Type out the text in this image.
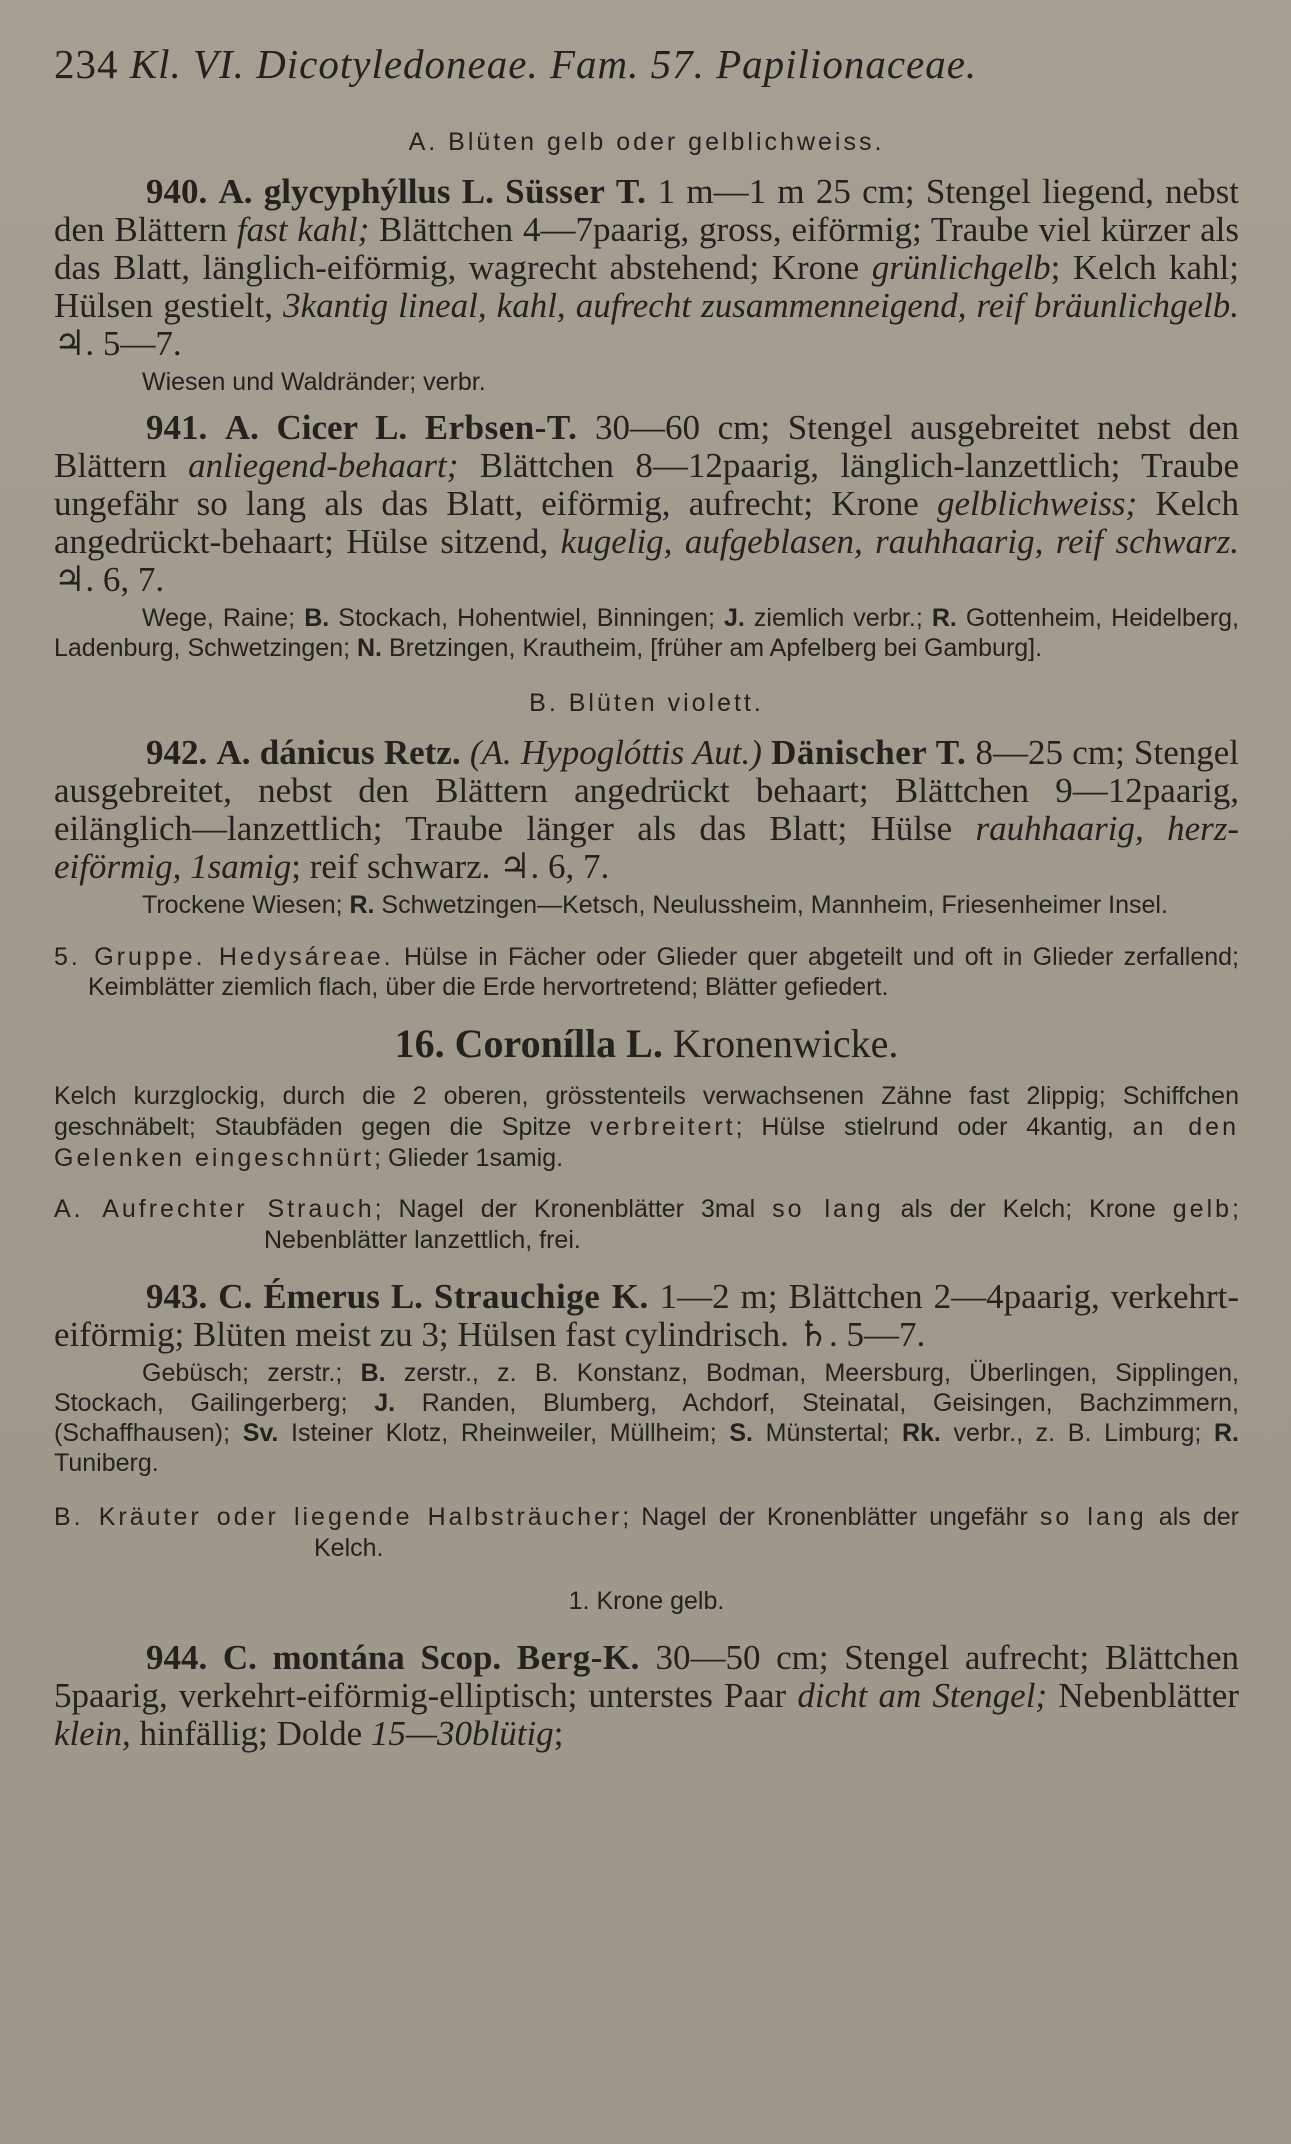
234 Kl. VI. Dicotyledoneae. Fam. 57. Papilionaceae.
A. Blüten gelb oder gelblichweiss.

940. A. glycyphýllus L. Süsser T. 1 m—1 m 25 cm; Stengel liegend, nebst den Blättern fast kahl; Blättchen 4—7paarig, gross, eiförmig; Traube viel kürzer als das Blatt, länglich-eiförmig, wagrecht abstehend; Krone grünlichgelb; Kelch kahl; Hülsen gestielt, 3kantig lineal, kahl, aufrecht zusammenneigend, reif bräunlichgelb. ♃. 5—7.

Wiesen und Waldränder; verbr.

941. A. Cicer L. Erbsen-T. 30—60 cm; Stengel ausgebreitet nebst den Blättern anliegend-behaart; Blättchen 8—12paarig, länglich-lanzettlich; Traube ungefähr so lang als das Blatt, eiförmig, aufrecht; Krone gelblichweiss; Kelch angedrückt-behaart; Hülse sitzend, kugelig, aufgeblasen, rauhhaarig, reif schwarz. ♃. 6, 7.

Wege, Raine; B. Stockach, Hohentwiel, Binningen; J. ziemlich verbr.; R. Gottenheim, Heidelberg, Ladenburg, Schwetzingen; N. Bretzingen, Krautheim, [früher am Apfelberg bei Gamburg].

B. Blüten violett.

942. A. dánicus Retz. (A. Hypoglóttis Aut.) Dänischer T. 8—25 cm; Stengel ausgebreitet, nebst den Blättern angedrückt behaart; Blättchen 9—12paarig, eilänglich—lanzettlich; Traube länger als das Blatt; Hülse rauhhaarig, herz-eiförmig, 1samig; reif schwarz. ♃. 6, 7.

Trockene Wiesen; R. Schwetzingen—Ketsch, Neulussheim, Mannheim, Friesenheimer Insel.

5. Gruppe. Hedysáreae. Hülse in Fächer oder Glieder quer abgeteilt und oft in Glieder zerfallend; Keimblätter ziemlich flach, über die Erde hervortretend; Blätter gefiedert.
16. Coronílla L. Kronenwicke.

Kelch kurzglockig, durch die 2 oberen, grösstenteils verwachsenen Zähne fast 2lippig; Schiffchen geschnäbelt; Staubfäden gegen die Spitze verbreitert; Hülse stielrund oder 4kantig, an den Gelenken eingeschnürt; Glieder 1samig.

A. Aufrechter Strauch; Nagel der Kronenblätter 3mal so lang als der Kelch; Krone gelb; Nebenblätter lanzettlich, frei.

943. C. Émerus L. Strauchige K. 1—2 m; Blättchen 2—4paarig, verkehrt-eiförmig; Blüten meist zu 3; Hülsen fast cylindrisch. ♄. 5—7.

Gebüsch; zerstr.; B. zerstr., z. B. Konstanz, Bodman, Meersburg, Überlingen, Sipplingen, Stockach, Gailingerberg; J. Randen, Blumberg, Achdorf, Steinatal, Geisingen, Bachzimmern, (Schaffhausen); Sv. Isteiner Klotz, Rheinweiler, Müllheim; S. Münstertal; Rk. verbr., z. B. Limburg; R. Tuniberg.

B. Kräuter oder liegende Halbsträucher; Nagel der Kronenblätter ungefähr so lang als der Kelch.
1. Krone gelb.

944. C. montána Scop. Berg-K. 30—50 cm; Stengel aufrecht; Blättchen 5paarig, verkehrt-eiförmig-elliptisch; unterstes Paar dicht am Stengel; Nebenblätter klein, hinfällig; Dolde 15—30blütig;
